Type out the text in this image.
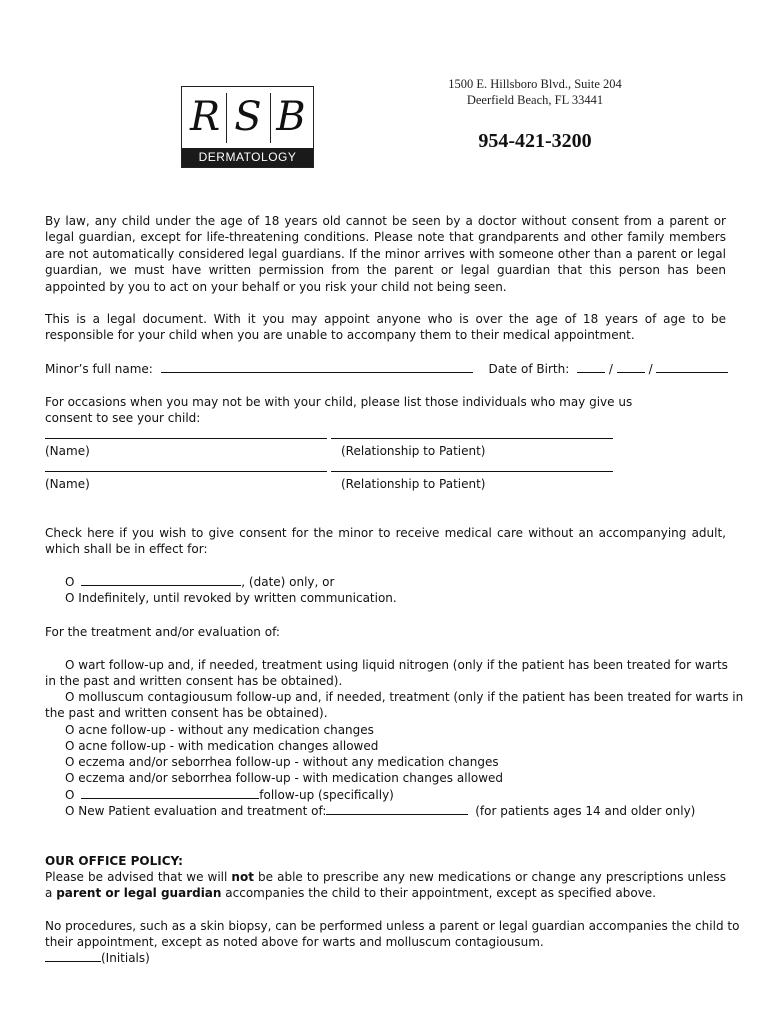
R S B
DERMATOLOGY
1500 E. Hillsboro Blvd., Suite 204
Deerfield Beach, FL 33441
954-421-3200
By law, any child under the age of 18 years old cannot be seen by a doctor without consent from a parent or legal guardian, except for life-threatening conditions. Please note that grandparents and other family members are not automatically considered legal guardians. If the minor arrives with someone other than a parent or legal guardian, we must have written permission from the parent or legal guardian that this person has been appointed by you to act on your behalf or you risk your child not being seen.
This is a legal document. With it you may appoint anyone who is over the age of 18 years of age to be responsible for your child when you are unable to accompany them to their medical appointment.
Minor’s full name:	Date of Birth:	/	/
For occasions when you may not be with your child, please list those individuals who may give us
consent to see your child:
(Name)	(Relationship to Patient)
(Name)	(Relationship to Patient)
Check here if you wish to give consent for the minor to receive medical care without an accompanying adult, which shall be in effect for:
O	, (date) only, or
O Indefinitely, until revoked by written communication.
For the treatment and/or evaluation of:
O wart follow-up and, if needed, treatment using liquid nitrogen (only if the patient has been treated for warts
in the past and written consent has be obtained).
O molluscum contagiousum follow-up and, if needed, treatment (only if the patient has been treated for warts in
the past and written consent has be obtained).
O acne follow-up - without any medication changes
O acne follow-up - with medication changes allowed
O eczema and/or seborrhea follow-up - without any medication changes
O eczema and/or seborrhea follow-up - with medication changes allowed
O	follow-up (specifically)
O New Patient evaluation and treatment of:	(for patients ages 14 and older only)
OUR OFFICE POLICY:
Please be advised that we will not be able to prescribe any new medications or change any prescriptions unless a parent or legal guardian accompanies the child to their appointment, except as specified above.
No procedures, such as a skin biopsy, can be performed unless a parent or legal guardian accompanies the child to
their appointment, except as noted above for warts and molluscum contagiousum.
(Initials)
